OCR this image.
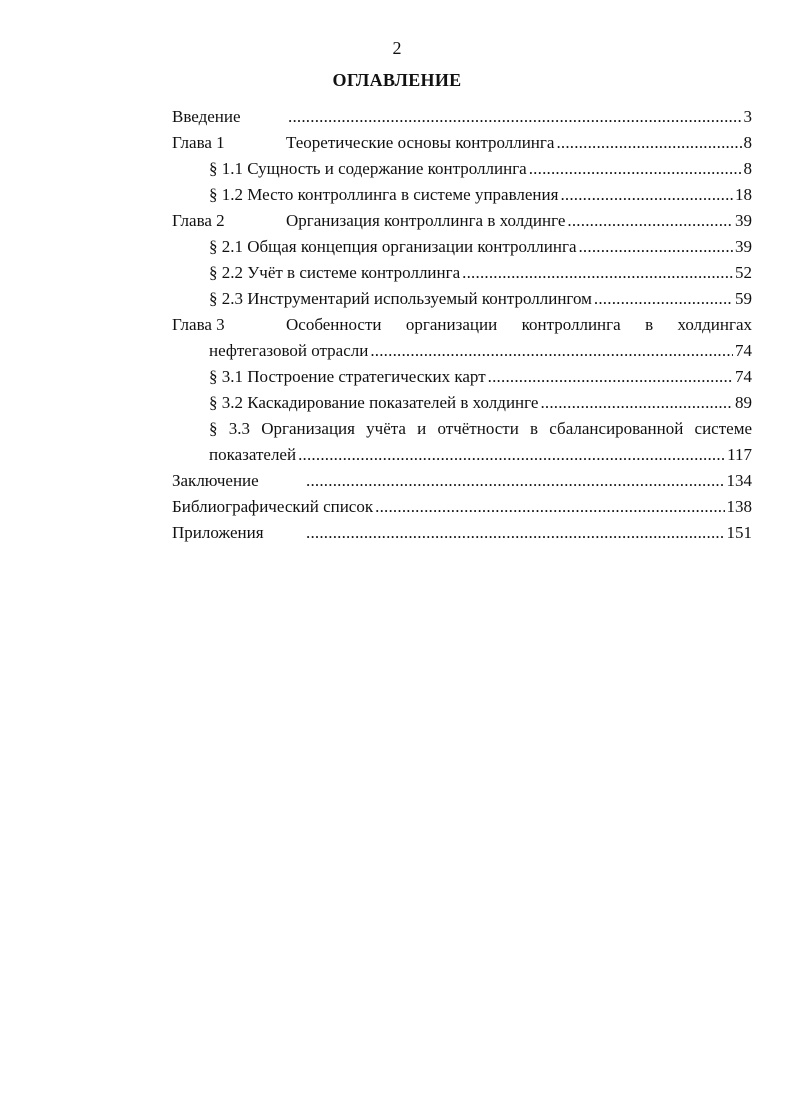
2
ОГЛАВЛЕНИЕ
Введение .....	3
Глава 1	Теоретические основы контроллинга .....	8
§ 1.1 Сущность и содержание контроллинга .....	8
§ 1.2 Место контроллинга в системе управления .....	18
Глава 2	Организация контроллинга в холдинге .....	39
§ 2.1 Общая концепция организации контроллинга .....	39
§ 2.2 Учёт в системе контроллинга .....	52
§ 2.3 Инструментарий используемый контроллингом .....	59
Глава 3	Особенности организации контроллинга в холдингах
нефтегазовой отрасли .....	74
§ 3.1 Построение стратегических карт .....	74
§ 3.2 Каскадирование показателей в холдинге .....	89
§ 3.3 Организация учёта и отчётности в сбалансированной системе
показателей .....	117
Заключение .....	134
Библиографический список .....	138
Приложения .....	151
